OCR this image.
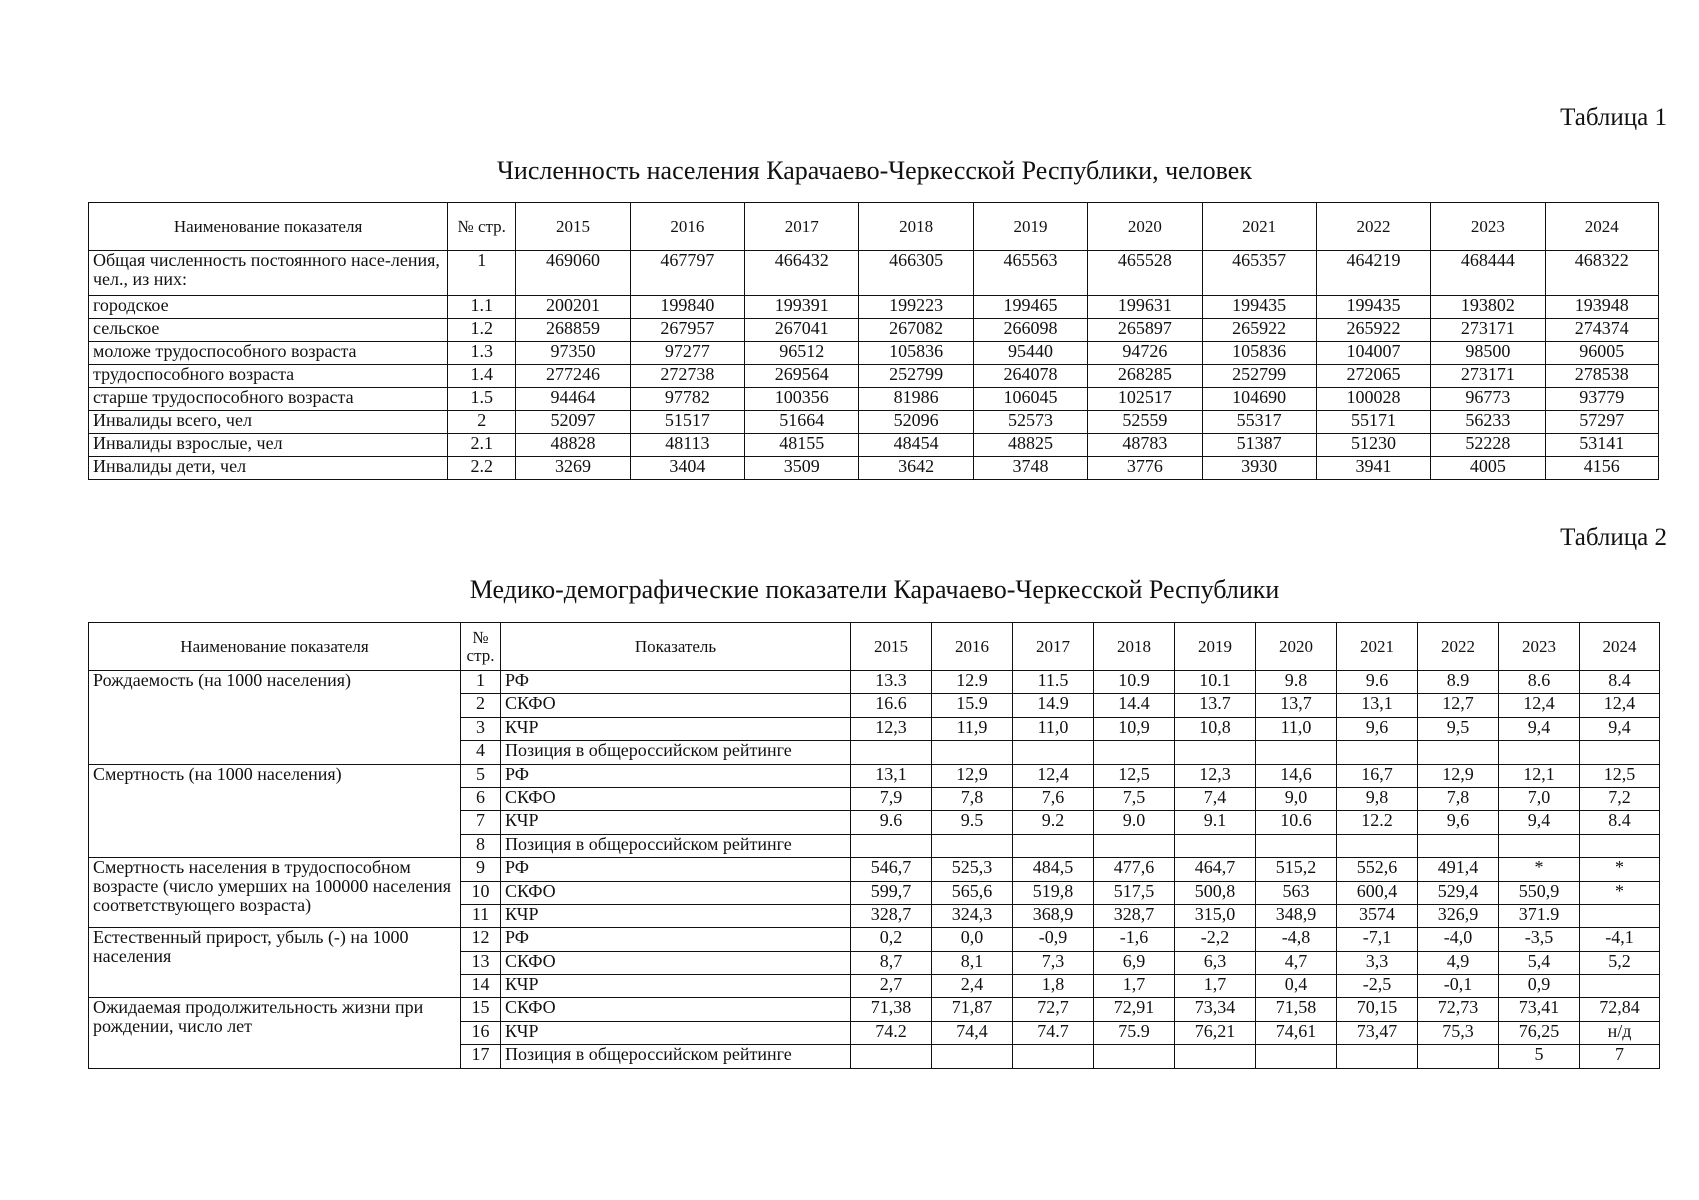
Таблица 1
Численность населения Карачаево-Черкесской Республики, человек
Наименование показателя	№ стр.	2015	2016	2017	2018	2019	2020	2021	2022	2023	2024
Общая численность постоянного насе-ления, чел., из них:	1	469060	467797	466432	466305	465563	465528	465357	464219	468444	468322
городское	1.1	200201	199840	199391	199223	199465	199631	199435	199435	193802	193948
сельское	1.2	268859	267957	267041	267082	266098	265897	265922	265922	273171	274374
моложе трудоспособного возраста	1.3	97350	97277	96512	105836	95440	94726	105836	104007	98500	96005
трудоспособного возраста	1.4	277246	272738	269564	252799	264078	268285	252799	272065	273171	278538
старше трудоспособного возраста	1.5	94464	97782	100356	81986	106045	102517	104690	100028	96773	93779
Инвалиды всего, чел	2	52097	51517	51664	52096	52573	52559	55317	55171	56233	57297
Инвалиды взрослые, чел	2.1	48828	48113	48155	48454	48825	48783	51387	51230	52228	53141
Инвалиды дети, чел	2.2	3269	3404	3509	3642	3748	3776	3930	3941	4005	4156
Таблица 2
Медико-демографические показатели Карачаево-Черкесской Республики
Наименование показателя	№ стр.	Показатель	2015	2016	2017	2018	2019	2020	2021	2022	2023	2024
Рождаемость (на 1000 населения)	1	РФ	13.3	12.9	11.5	10.9	10.1	9.8	9.6	8.9	8.6	8.4
	2	СКФО	16.6	15.9	14.9	14.4	13.7	13,7	13,1	12,7	12,4	12,4
	3	КЧР	12,3	11,9	11,0	10,9	10,8	11,0	9,6	9,5	9,4	9,4
	4	Позиция в общероссийском рейтинге										
Смертность (на 1000 населения)	5	РФ	13,1	12,9	12,4	12,5	12,3	14,6	16,7	12,9	12,1	12,5
	6	СКФО	7,9	7,8	7,6	7,5	7,4	9,0	9,8	7,8	7,0	7,2
	7	КЧР	9.6	9.5	9.2	9.0	9.1	10.6	12.2	9,6	9,4	8.4
	8	Позиция в общероссийском рейтинге										
Смертность населения в трудоспособном возрасте (число умерших на 100000 населения соответствующего возраста)	9	РФ	546,7	525,3	484,5	477,6	464,7	515,2	552,6	491,4	*	*
	10	СКФО	599,7	565,6	519,8	517,5	500,8	563	600,4	529,4	550,9	*
	11	КЧР	328,7	324,3	368,9	328,7	315,0	348,9	3574	326,9	371.9	
Естественный прирост, убыль (-) на 1000 населения	12	РФ	0,2	0,0	-0,9	-1,6	-2,2	-4,8	-7,1	-4,0	-3,5	-4,1
	13	СКФО	8,7	8,1	7,3	6,9	6,3	4,7	3,3	4,9	5,4	5,2
	14	КЧР	2,7	2,4	1,8	1,7	1,7	0,4	-2,5	-0,1	0,9	
Ожидаемая продолжительность жизни при рождении, число лет	15	СКФО	71,38	71,87	72,7	72,91	73,34	71,58	70,15	72,73	73,41	72,84
	16	КЧР	74.2	74,4	74.7	75.9	76,21	74,61	73,47	75,3	76,25	н/д
	17	Позиция в общероссийском рейтинге									5	7
